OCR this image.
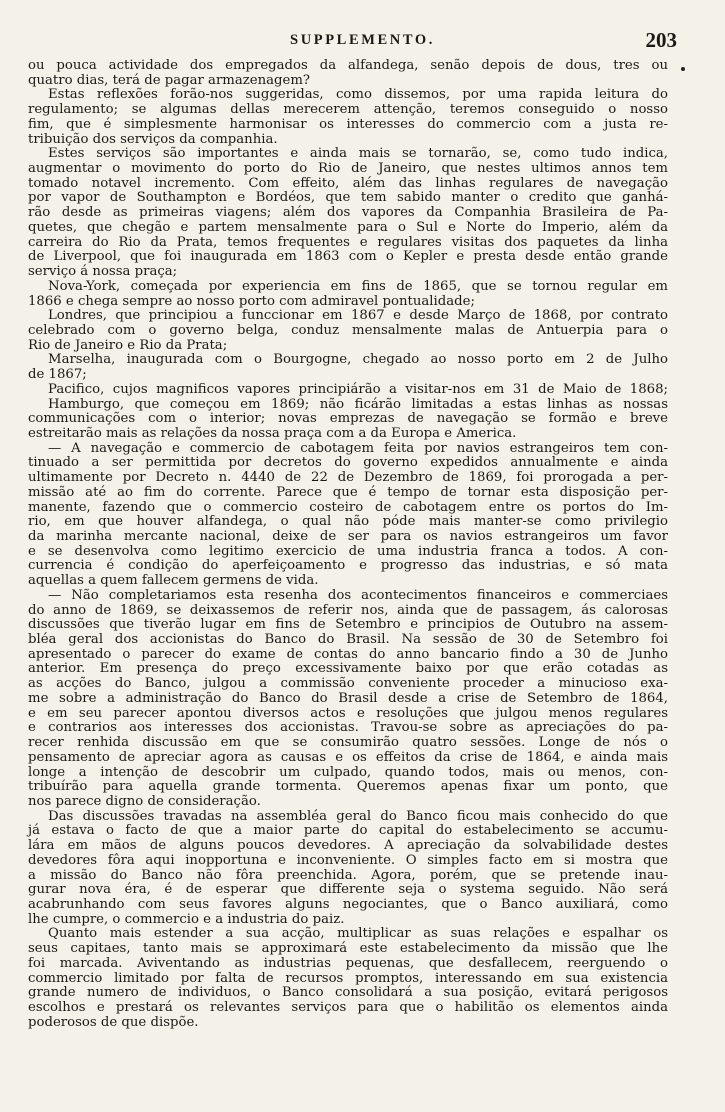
SUPPLEMENTO.	203
ou pouca actividade dos empregados da alfandega, senão depois de dous, tres ou
quatro dias, terá de pagar armazenagem?
Estas reflexões forão-nos suggeridas, como dissemos, por uma rapida leitura do
regulamento; se algumas dellas merecerem attenção, teremos conseguido o nosso
fim, que é simplesmente harmonisar os interesses do commercio com a justa re-
tribuição dos serviços da companhia.
Estes serviços são importantes e ainda mais se tornarão, se, como tudo indica,
augmentar o movimento do porto do Rio de Janeiro, que nestes ultimos annos tem
tomado notavel incremento. Com effeito, além das linhas regulares de navegação
por vapor de Southampton e Bordéos, que tem sabido manter o credito que ganhá-
rão desde as primeiras viagens; além dos vapores da Companhia Brasileira de Pa-
quetes, que chegão e partem mensalmente para o Sul e Norte do Imperio, além da
carreira do Rio da Prata, temos frequentes e regulares visitas dos paquetes da linha
de Liverpool, que foi inaugurada em 1863 com o Kepler e presta desde então grande
serviço á nossa praça;
Nova-York, começada por experiencia em fins de 1865, que se tornou regular em
1866 e chega sempre ao nosso porto com admiravel pontualidade;
Londres, que principiou a funccionar em 1867 e desde Março de 1868, por contrato
celebrado com o governo belga, conduz mensalmente malas de Antuerpia para o
Rio de Janeiro e Rio da Prata;
Marselha, inaugurada com o Bourgogne, chegado ao nosso porto em 2 de Julho
de 1867;
Pacifico, cujos magnificos vapores principiárão a visitar-nos em 31 de Maio de 1868;
Hamburgo, que começou em 1869; não ficárão limitadas a estas linhas as nossas
communicações com o interior; novas emprezas de navegação se formão e breve
estreitarão mais as relações da nossa praça com a da Europa e America.
— A navegação e commercio de cabotagem feita por navios estrangeiros tem con-
tinuado a ser permittida por decretos do governo expedidos annualmente e ainda
ultimamente por Decreto n. 4440 de 22 de Dezembro de 1869, foi prorogada a per-
missão até ao fim do corrente. Parece que é tempo de tornar esta disposição per-
manente, fazendo que o commercio costeiro de cabotagem entre os portos do Im-
rio, em que houver alfandega, o qual não póde mais manter-se como privilegio
da marinha mercante nacional, deixe de ser para os navios estrangeiros um favor
e se desenvolva como legitimo exercicio de uma industria franca a todos. A con-
currencia é condição do aperfeiçoamento e progresso das industrias, e só mata
aquellas a quem fallecem germens de vida.
— Não completariamos esta resenha dos acontecimentos financeiros e commerciaes
do anno de 1869, se deixassemos de referir nos, ainda que de passagem, ás calorosas
discussões que tiverão lugar em fins de Setembro e principios de Outubro na assem-
bléa geral dos accionistas do Banco do Brasil. Na sessão de 30 de Setembro foi
apresentado o parecer do exame de contas do anno bancario findo a 30 de Junho
anterior. Em presença do preço excessivamente baixo por que erão cotadas as
as acções do Banco, julgou a commissão conveniente proceder a minucioso exa-
me sobre a administração do Banco do Brasil desde a crise de Setembro de 1864,
e em seu parecer apontou diversos actos e resoluções que julgou menos regulares
e contrarios aos interesses dos accionistas. Travou-se sobre as apreciações do pa-
recer renhida discussão em que se consumirão quatro sessões. Longe de nós o
pensamento de apreciar agora as causas e os effeitos da crise de 1864, e ainda mais
longe a intenção de descobrir um culpado, quando todos, mais ou menos, con-
tribuírão para aquella grande tormenta. Queremos apenas fixar um ponto, que
nos parece digno de consideração.
Das discussões travadas na assembléa geral do Banco ficou mais conhecido do que
já estava o facto de que a maior parte do capital do estabelecimento se accumu-
lára em mãos de alguns poucos devedores. A apreciação da solvabilidade destes
devedores fôra aqui inopportuna e inconveniente. O simples facto em si mostra que
a missão do Banco não fôra preenchida. Agora, porém, que se pretende inau-
gurar nova éra, é de esperar que differente seja o systema seguido. Não será
acabrunhando com seus favores alguns negociantes, que o Banco auxiliará, como
lhe cumpre, o commercio e a industria do paiz.
Quanto mais estender a sua acção, multiplicar as suas relações e espalhar os
seus capitaes, tanto mais se approximará este estabelecimento da missão que lhe
foi marcada. Aviventando as industrias pequenas, que desfallecem, reerguendo o
commercio limitado por falta de recursos promptos, interessando em sua existencia
grande numero de individuos, o Banco consolidará a sua posição, evitará perigosos
escolhos e prestará os relevantes serviços para que o habilitão os elementos ainda
poderosos de que dispõe.
